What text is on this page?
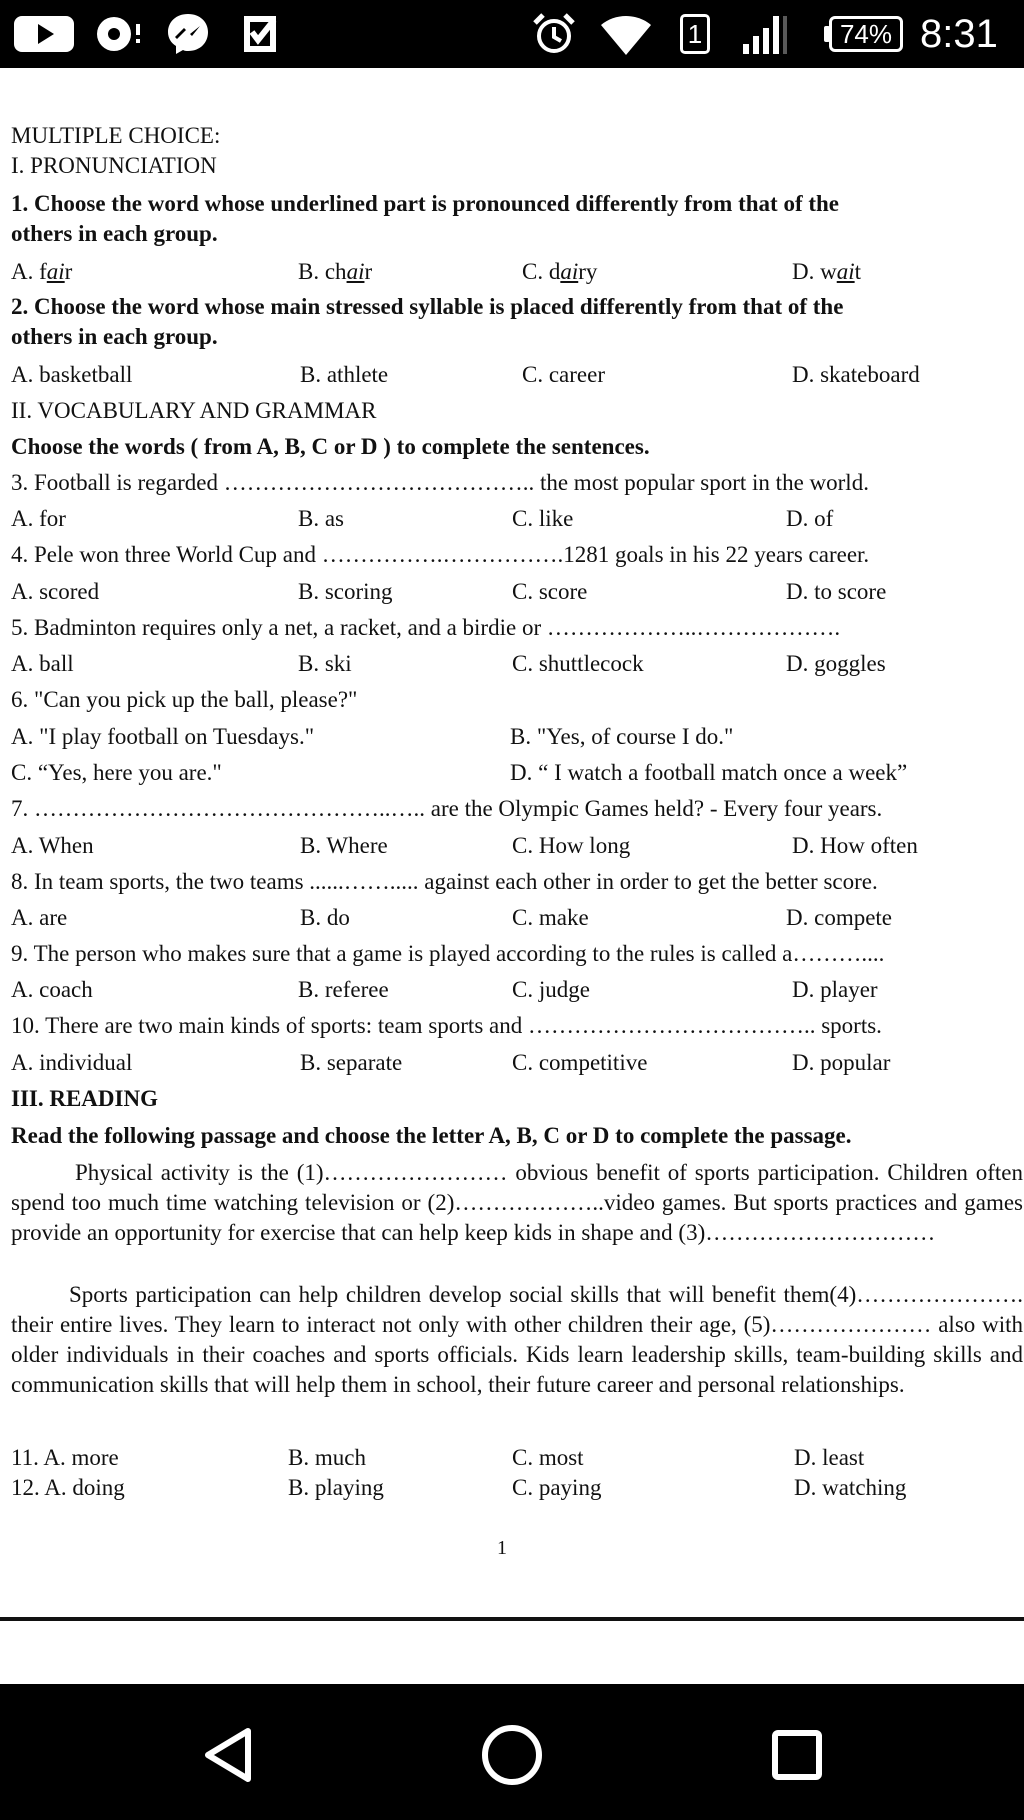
1	74% 8:31
MULTIPLE CHOICE:
I. PRONUNCIATION
1. Choose the word whose underlined part is pronounced differently from that of the
others in each group.
A. fair	B. chair	C. dairy	D. wait
2. Choose the word whose main stressed syllable is placed differently from that of the
others in each group.
A. basketball	B. athlete	C. career	D. skateboard
II. VOCABULARY AND GRAMMAR
Choose the words ( from A, B, C or D ) to complete the sentences.
3. Football is regarded ………………………………….. the most popular sport in the world.
A. for	B. as	C. like	D. of
4. Pele won three World Cup and …………….…………….1281 goals in his 22 years career.
A. scored	B. scoring	C. score	D. to score
5. Badminton requires only a net, a racket, and a birdie or ………………..……………….
A. ball	B. ski	C. shuttlecock	D. goggles
6. "Can you pick up the ball, please?"
A. "I play football on Tuesdays."	B. "Yes, of course I do."
C. “Yes, here you are."	D. “ I watch a football match once a week”
7. ………………………………………..….. are the Olympic Games held? - Every four years.
A. When	B. Where	C. How long	D. How often
8. In team sports, the two teams ......……..... against each other in order to get the better score.
A. are	B. do	C. make	D. compete
9. The person who makes sure that a game is played according to the rules is called a………....
A. coach	B. referee	C. judge	D. player
10. There are two main kinds of sports: team sports and ……………………………….. sports.
A. individual	B. separate	C. competitive	D. popular
III. READING
Read the following passage and choose the letter A, B, C or D to complete the passage.
Physical activity is the (1)…………………… obvious benefit of sports participation. Children often spend too much time watching television or (2)………………..video games. But sports practices and games provide an opportunity for exercise that can help keep kids in shape and (3)…………………………
Sports participation can help children develop social skills that will benefit them(4)…………………. their entire lives. They learn to interact not only with other children their age, (5)………………… also with older individuals in their coaches and sports officials. Kids learn leadership skills, team-building skills and communication skills that will help them in school, their future career and personal relationships.
11. A. more	B. much	C. most	D. least
12. A. doing	B. playing	C. paying	D. watching
1
